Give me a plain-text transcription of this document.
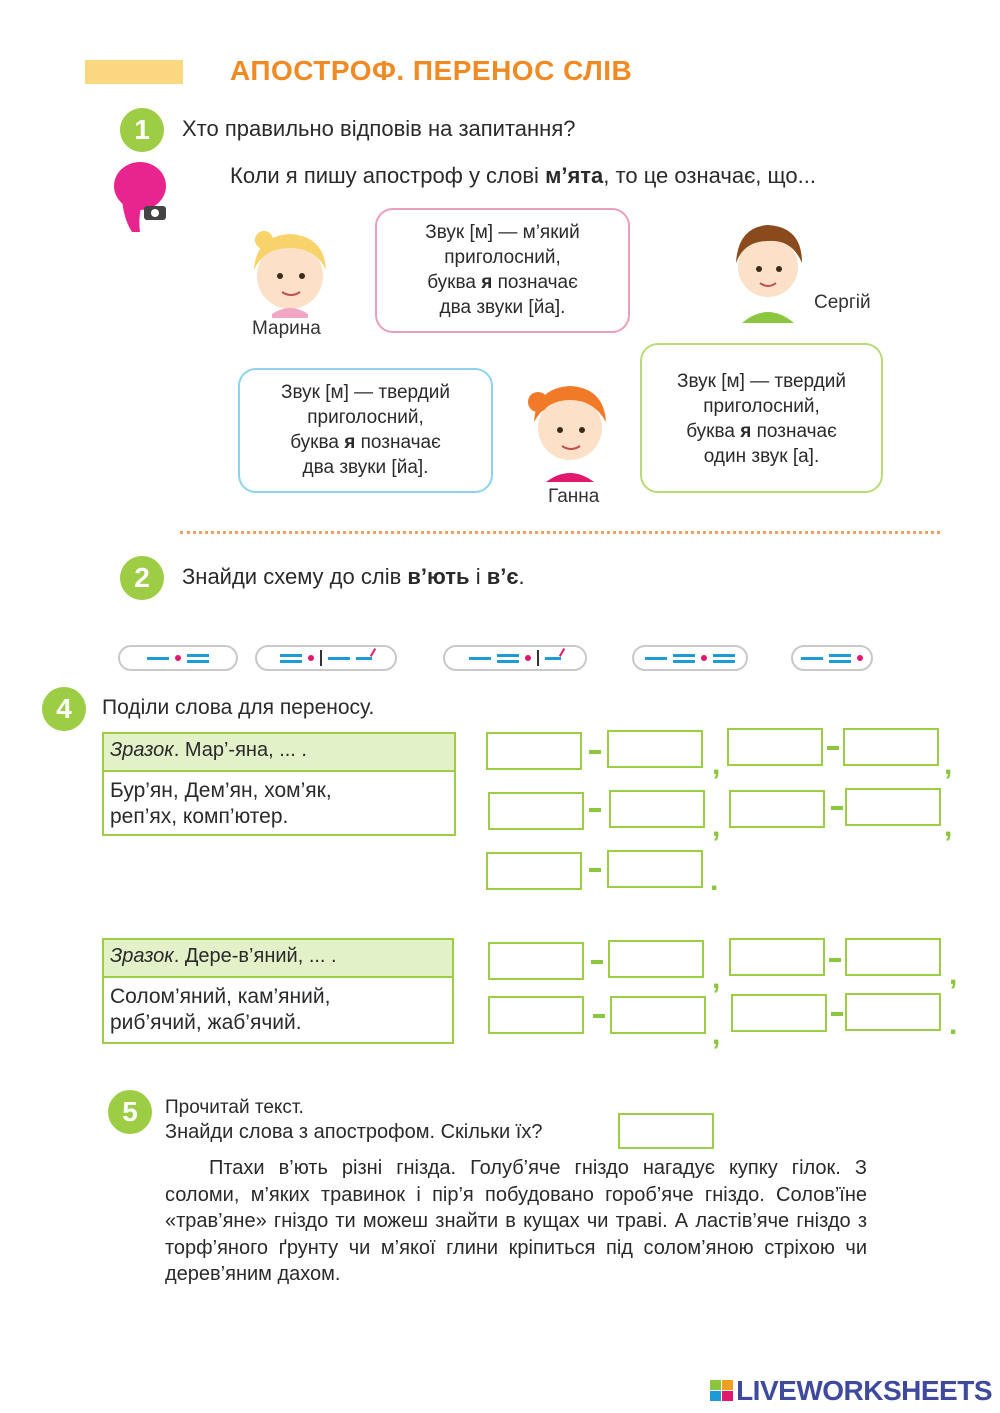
АПОСТРОФ. ПЕРЕНОС СЛІВ
1	Хто правильно відповів на запитання?
Коли я пишу апостроф у слові м’ята, то це означає, що...
Марина
Звук [м] — м’який
приголосний,
буква я позначає
два звуки [йа].	Сергій
Звук [м] — твердий
приголосний,
буква я позначає
один звук [а].
Ганна
Звук [м] — твердий
приголосний,
буква я позначає
два звуки [йа].
2	Знайди схему до слів в’ють і в’є.
4	Поділи слова для переносу.
Зразок. Мар’-яна, ... .
Бур’ян, Дем’ян, хом’як,
реп’ях, комп’ютер.
Зразок. Дере-в’яний, ... .
Солом’яний, кам’яний,
риб’ячий, жаб’ячий.
,	,
,	,
.
,	,
,	.
5	Прочитай текст.
Знайди слова з апострофом. Скільки їх?

Птахи в’ють різні гнізда. Голуб’яче гніздо нагадує купку гілок. З соломи, м’яких травинок і пір’я побудовано гороб’яче гніздо. Солов’їне «трав’яне» гніздо ти можеш знайти в кущах чи траві. А ластів’яче гніздо з торф’яного ґрунту чи м’якої глини кріпиться під солом’яною стріхою чи дерев’яним дахом.

LIVEWORKSHEETS
